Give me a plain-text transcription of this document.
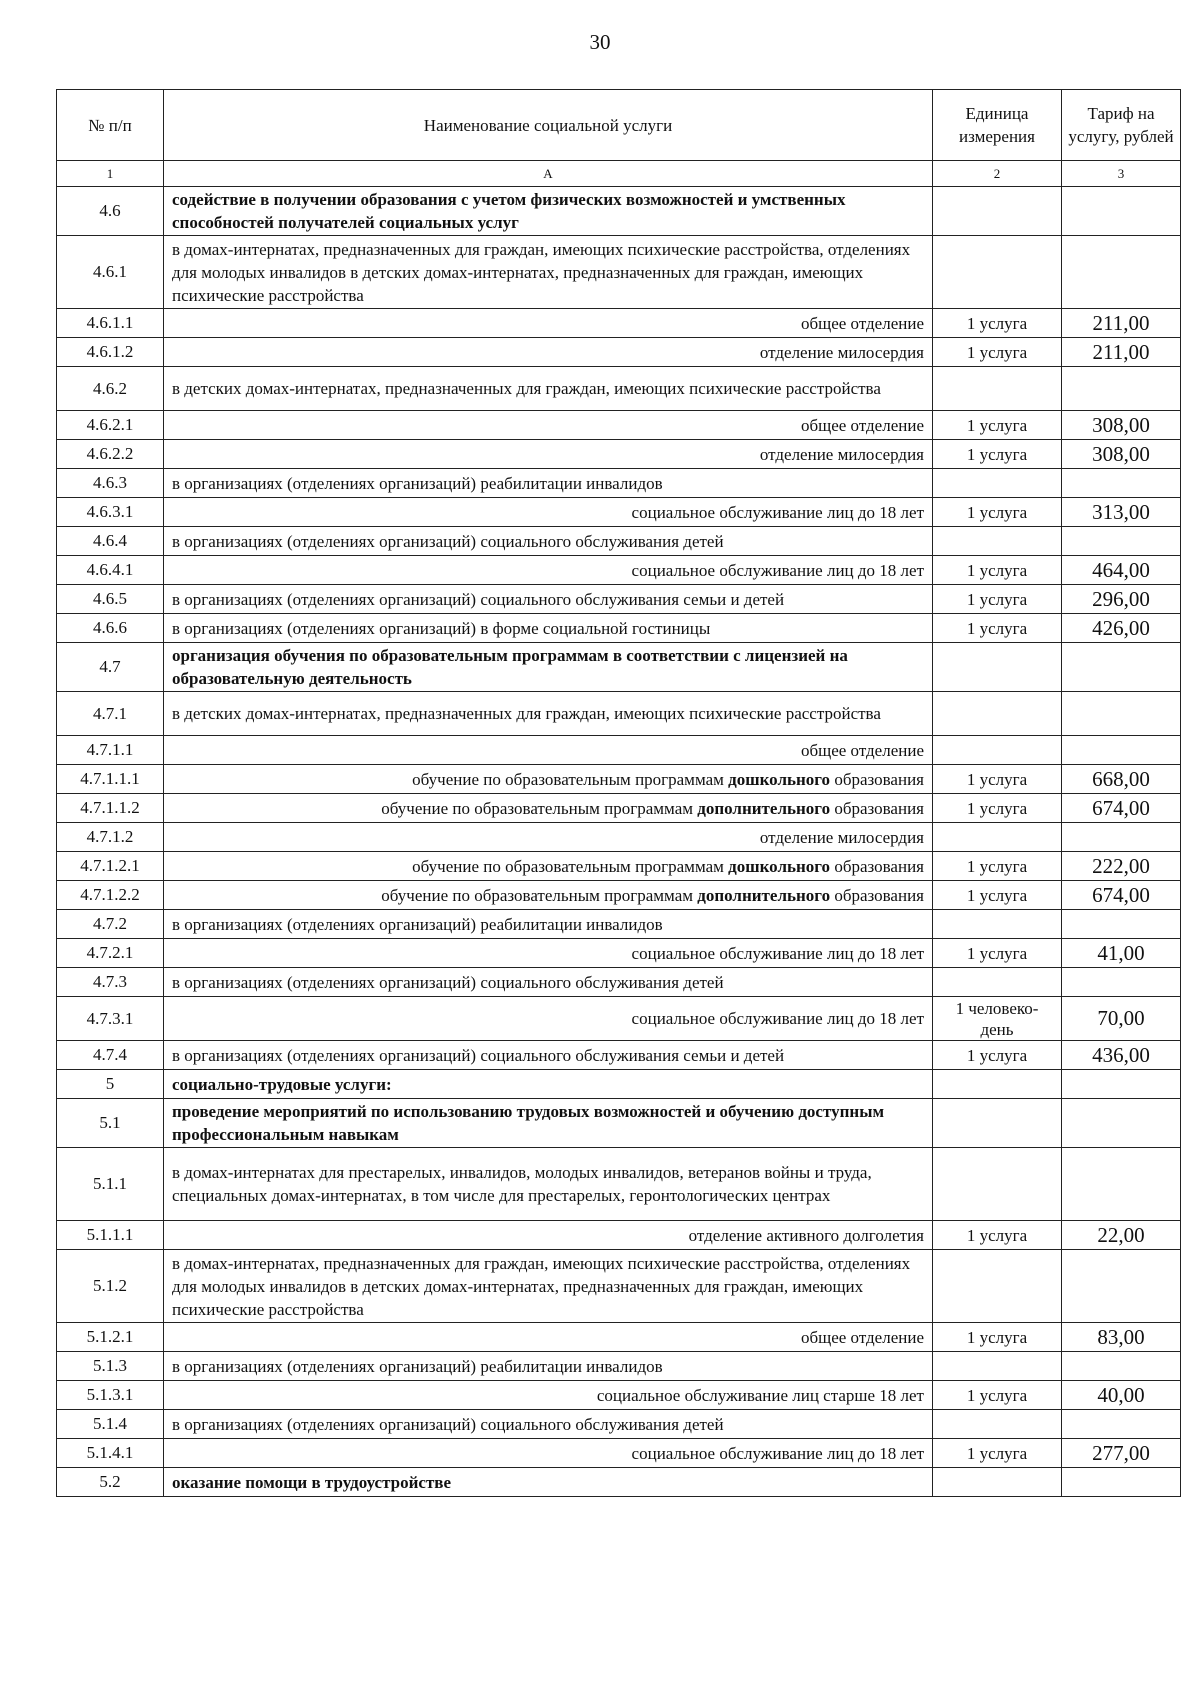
30
№ п/п	Наименование социальной услуги	Единица измерения	Тариф на услугу, рублей
1	А	2	3
4.6	содействие в получении образования с учетом физических возможностей и умственных способностей получателей социальных услуг		
4.6.1	в домах-интернатах, предназначенных для граждан, имеющих психические расстройства, отделениях для молодых инвалидов в детских домах-интернатах, предназначенных для граждан, имеющих психические расстройства		
4.6.1.1	общее отделение	1 услуга	211,00
4.6.1.2	отделение милосердия	1 услуга	211,00
4.6.2	в детских домах-интернатах, предназначенных для граждан, имеющих психические расстройства		
4.6.2.1	общее отделение	1 услуга	308,00
4.6.2.2	отделение милосердия	1 услуга	308,00
4.6.3	в организациях (отделениях организаций) реабилитации инвалидов		
4.6.3.1	социальное обслуживание лиц до 18 лет	1 услуга	313,00
4.6.4	в организациях (отделениях организаций) социального обслуживания детей		
4.6.4.1	социальное обслуживание лиц до 18 лет	1 услуга	464,00
4.6.5	в организациях (отделениях организаций) социального обслуживания семьи и детей	1 услуга	296,00
4.6.6	в организациях (отделениях организаций) в форме социальной гостиницы	1 услуга	426,00
4.7	организация обучения по образовательным программам в соответствии с лицензией на образовательную деятельность		
4.7.1	в детских домах-интернатах, предназначенных для граждан, имеющих психические расстройства		
4.7.1.1	общее отделение		
4.7.1.1.1	обучение по образовательным программам дошкольного образования	1 услуга	668,00
4.7.1.1.2	обучение по образовательным программам дополнительного образования	1 услуга	674,00
4.7.1.2	отделение милосердия		
4.7.1.2.1	обучение по образовательным программам дошкольного образования	1 услуга	222,00
4.7.1.2.2	обучение по образовательным программам дополнительного образования	1 услуга	674,00
4.7.2	в организациях (отделениях организаций) реабилитации инвалидов		
4.7.2.1	социальное обслуживание лиц до 18 лет	1 услуга	41,00
4.7.3	в организациях (отделениях организаций) социального обслуживания детей		
4.7.3.1	социальное обслуживание лиц до 18 лет	1 человеко-день	70,00
4.7.4	в организациях (отделениях организаций) социального обслуживания семьи и детей	1 услуга	436,00
5	социально-трудовые услуги:		
5.1	проведение мероприятий по использованию трудовых возможностей и обучению доступным профессиональным навыкам		
5.1.1	в домах-интернатах для престарелых, инвалидов, молодых инвалидов, ветеранов войны и труда, специальных домах-интернатах, в том числе для престарелых, геронтологических центрах		
5.1.1.1	отделение активного долголетия	1 услуга	22,00
5.1.2	в домах-интернатах, предназначенных для граждан, имеющих психические расстройства, отделениях для молодых инвалидов в детских домах-интернатах, предназначенных для граждан, имеющих психические расстройства		
5.1.2.1	общее отделение	1 услуга	83,00
5.1.3	в организациях (отделениях организаций) реабилитации инвалидов		
5.1.3.1	социальное обслуживание лиц старше 18 лет	1 услуга	40,00
5.1.4	в организациях (отделениях организаций) социального обслуживания детей		
5.1.4.1	социальное обслуживание лиц до 18 лет	1 услуга	277,00
5.2	оказание помощи в трудоустройстве		
